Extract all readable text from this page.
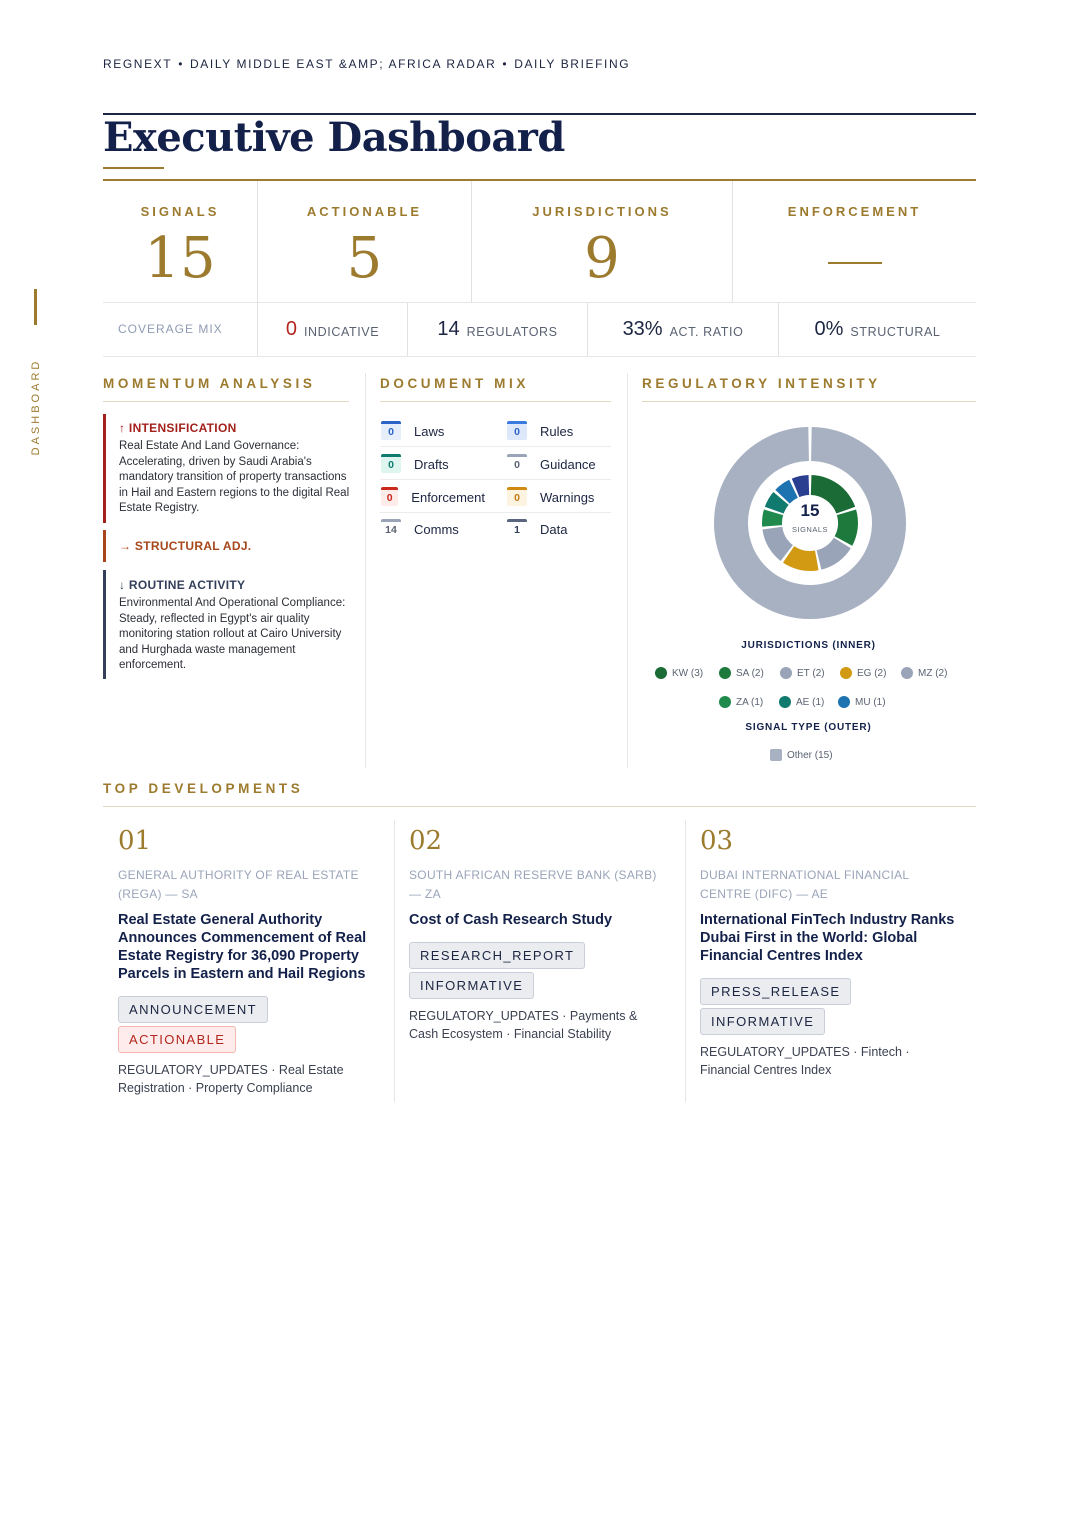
DASHBOARD
REGNEXT • DAILY MIDDLE EAST &AMP; AFRICA RADAR • DAILY BRIEFING
Executive Dashboard
SIGNALS
15
ACTIONABLE
5
JURISDICTIONS
9
ENFORCEMENT
COVERAGE MIX	0 INDICATIVE	14 REGULATORS	33% ACT. RATIO	0% STRUCTURAL
MOMENTUM ANALYSIS	DOCUMENT MIX	REGULATORY INTENSITY
↑ INTENSIFICATION
Real Estate And Land Governance: Accelerating, driven by Saudi Arabia's mandatory transition of property transactions in Hail and Eastern regions to the digital Real Estate Registry.
→ STRUCTURAL ADJ.
↓ ROUTINE ACTIVITY
Environmental And Operational Compliance: Steady, reflected in Egypt's air quality monitoring station rollout at Cairo University and Hurghada waste management enforcement.
0 Laws	0 Rules
0 Drafts	0 Guidance
0 Enforcement	0 Warnings
14 Comms	1 Data
15
SIGNALS
JURISDICTIONS (INNER)
KW (3)	SA (2)	ET (2)	EG (2)	MZ (2)
ZA (1)	AE (1)	MU (1)
SIGNAL TYPE (OUTER)
Other (15)
TOP DEVELOPMENTS
01
GENERAL AUTHORITY OF REAL ESTATE (REGA) — SA
Real Estate General Authority Announces Commencement of Real Estate Registry for 36,090 Property Parcels in Eastern and Hail Regions
ANNOUNCEMENT
ACTIONABLE
REGULATORY_UPDATES · Real Estate Registration · Property Compliance
02
SOUTH AFRICAN RESERVE BANK (SARB) — ZA
Cost of Cash Research Study
RESEARCH_REPORT
INFORMATIVE
REGULATORY_UPDATES · Payments & Cash Ecosystem · Financial Stability
03
DUBAI INTERNATIONAL FINANCIAL CENTRE (DIFC) — AE
International FinTech Industry Ranks Dubai First in the World: Global Financial Centres Index
PRESS_RELEASE
INFORMATIVE
REGULATORY_UPDATES · Fintech · Financial Centres Index
